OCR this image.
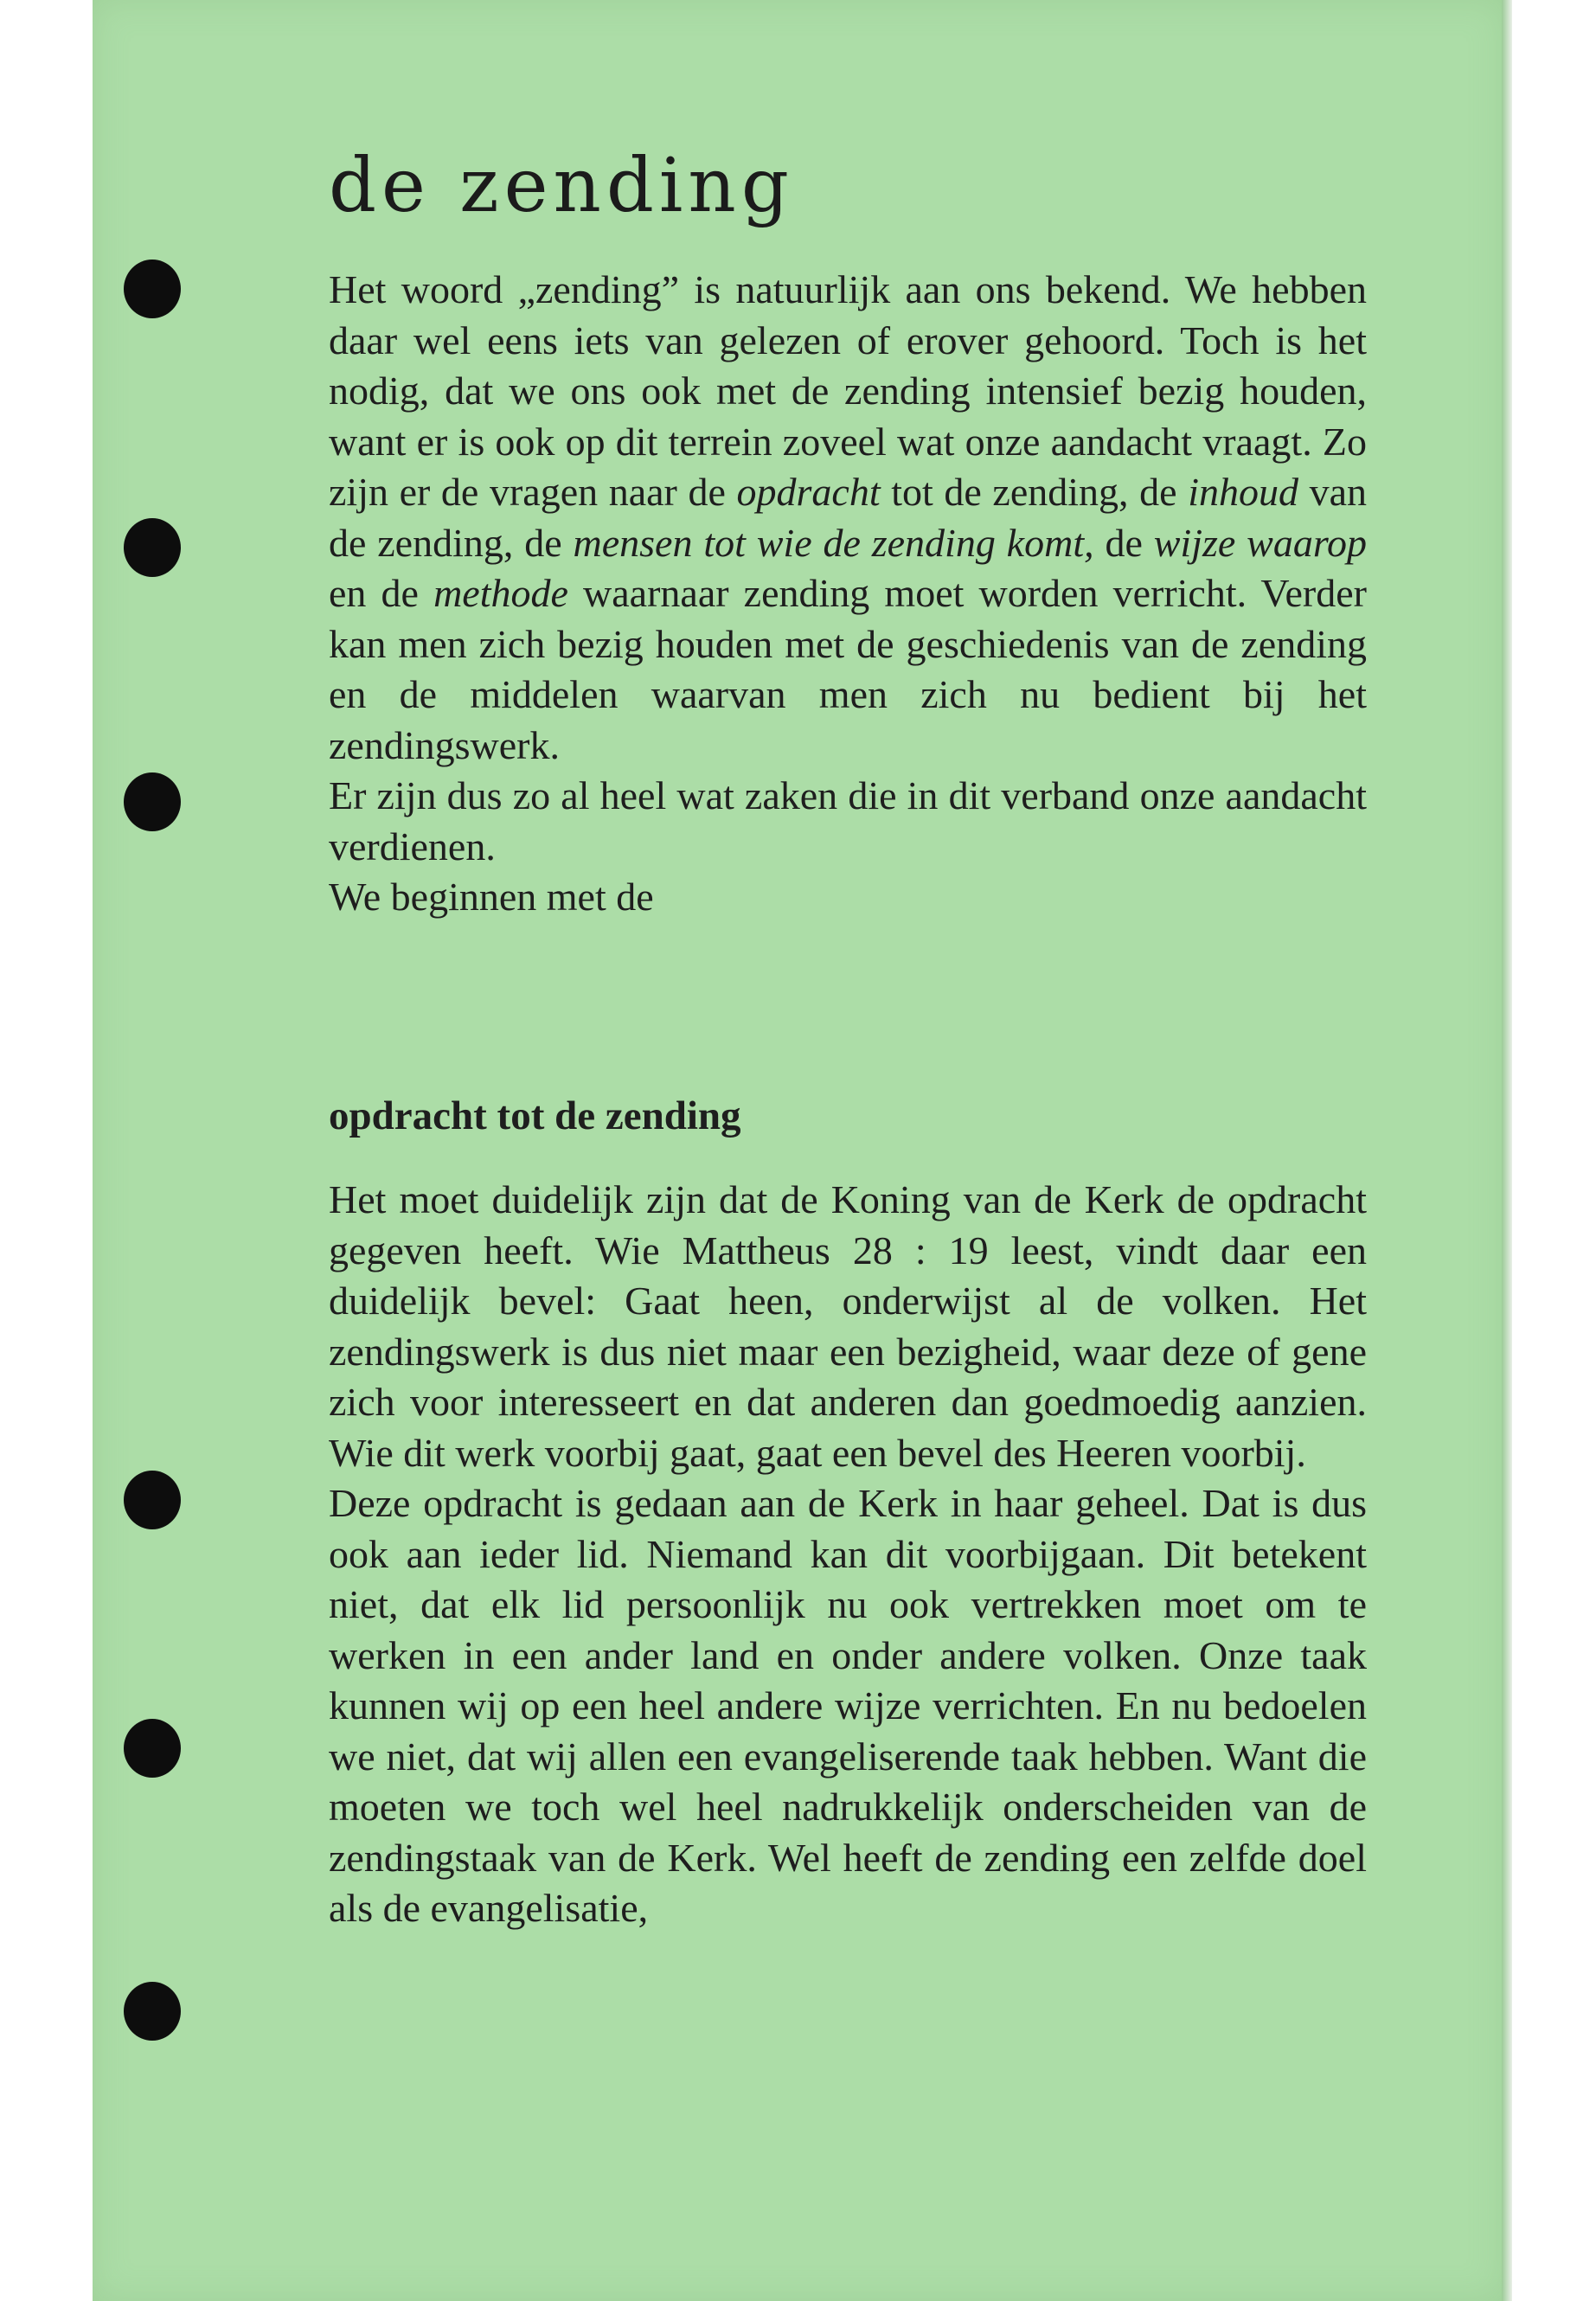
de zending

Het woord „zending” is natuurlijk aan ons bekend. We hebben daar wel eens iets van gelezen of erover gehoord. Toch is het nodig, dat we ons ook met de zending intensief bezig houden, want er is ook op dit terrein zoveel wat onze aandacht vraagt. Zo zijn er de vragen naar de opdracht tot de zending, de inhoud van de zending, de mensen tot wie de zending komt, de wijze waarop en de methode waarnaar zending moet worden verricht. Verder kan men zich bezig houden met de geschiedenis van de zending en de middelen waarvan men zich nu bedient bij het zendingswerk.

Er zijn dus zo al heel wat zaken die in dit verband onze aandacht verdienen.

We beginnen met de

opdracht tot de zending

Het moet duidelijk zijn dat de Koning van de Kerk de opdracht gegeven heeft. Wie Mattheus 28 : 19 leest, vindt daar een duidelijk bevel: Gaat heen, onderwijst al de volken. Het zendingswerk is dus niet maar een bezigheid, waar deze of gene zich voor interesseert en dat anderen dan goedmoedig aanzien. Wie dit werk voorbij gaat, gaat een bevel des Heeren voorbij.

Deze opdracht is gedaan aan de Kerk in haar geheel. Dat is dus ook aan ieder lid. Niemand kan dit voorbijgaan. Dit betekent niet, dat elk lid persoonlijk nu ook vertrekken moet om te werken in een ander land en onder andere volken. Onze taak kunnen wij op een heel andere wijze verrichten. En nu bedoelen we niet, dat wij allen een evangeliserende taak hebben. Want die moeten we toch wel heel nadrukkelijk onderscheiden van de zendingstaak van de Kerk. Wel heeft de zending een zelfde doel als de evangelisatie,
